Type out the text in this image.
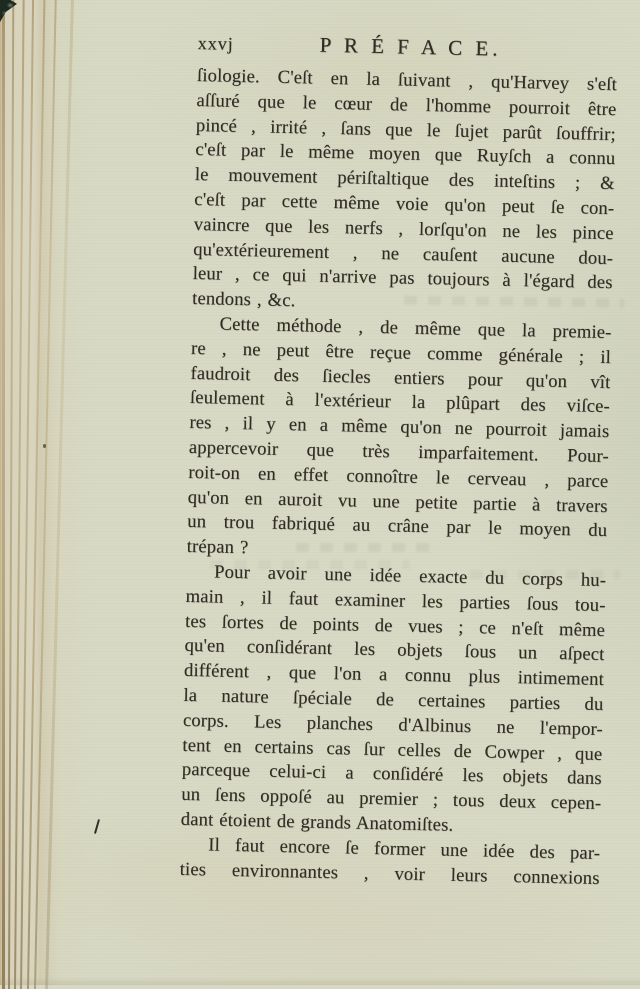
xxvj	P R É F A C E.
ſiologie. C'eſt en la ſuivant , qu'Harvey s'eſt
aſſuré que le cœur de l'homme pourroit être
pincé , irrité , ſans que le ſujet parût ſouffrir;
c'eſt par le même moyen que Ruyſch a connu
le mouvement périſtaltique des inteſtins ; &
c'eſt par cette même voie qu'on peut ſe con-
vaincre que les nerfs , lorſqu'on ne les pince
qu'extérieurement , ne cauſent aucune dou-
leur , ce qui n'arrive pas toujours à l'égard des
tendons , &c.
Cette méthode , de même que la premie-
re , ne peut être reçue comme générale ; il
faudroit des ſiecles entiers pour qu'on vît
ſeulement à l'extérieur la plûpart des viſce-
res , il y en a même qu'on ne pourroit jamais
appercevoir que très imparfaitement. Pour-
roit-on en effet connoître le cerveau , parce
qu'on en auroit vu une petite partie à travers
un trou fabriqué au crâne par le moyen du
trépan ?
Pour avoir une idée exacte du corps hu-
main , il faut examiner les parties ſous tou-
tes ſortes de points de vues ; ce n'eſt même
qu'en conſidérant les objets ſous un aſpect
différent , que l'on a connu plus intimement
la nature ſpéciale de certaines parties du
corps. Les planches d'Albinus ne l'empor-
tent en certains cas ſur celles de Cowper , que
parceque celui-ci a conſidéré les objets dans
un ſens oppoſé au premier ; tous deux cepen-
dant étoient de grands Anatomiſtes.
Il faut encore ſe former une idée des par-
ties environnantes , voir leurs connexions
